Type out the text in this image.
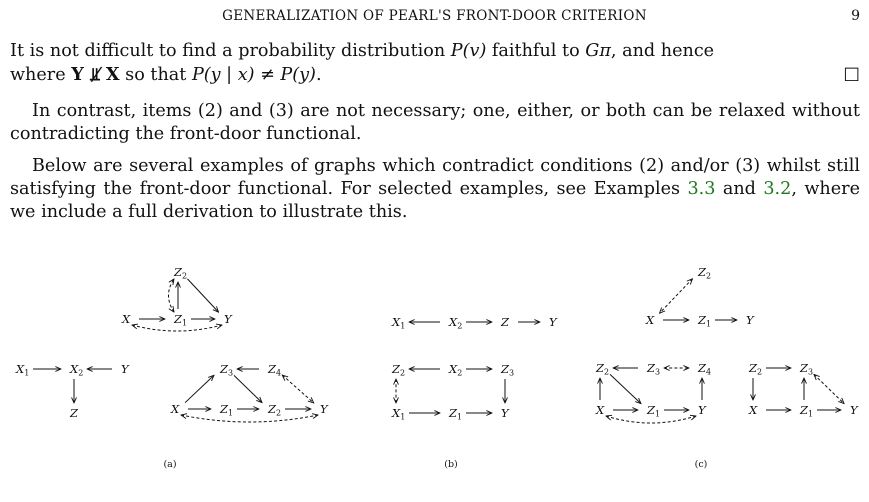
GENERALIZATION OF PEARL'S FRONT-DOOR CRITERION	9
It is not difficult to find a probability distribution P(v) faithful to Gπ, and hence
where Y ⫫̸ X so that P(y | x) ≠ P(y).	□
In contrast, items (2) and (3) are not necessary; one, either, or both can be relaxed without contradicting the front-door functional.
Below are several examples of graphs which contradict conditions (2) and/or (3) whilst still satisfying the front-door functional. For selected examples, see Examples 3.3 and 3.2, where we include a full derivation to illustrate this.
X	$Z_1$
$Z_2$
Y
$X_1$	$X_2$	Y
Z	X	$Z_1$	$Z_2$	Y
$Z_3$	$Z_4$
$X_1$	$X_2$	Z	Y
$Z_2$	$X_2$	$Z_3$
$X_1$	$Z_1$	Y
$Z_2$
X	$Z_1$	Y
$Z_2$	$Z_3$	$Z_4$
X	$Z_1$	Y
$Z_2$	$Z_3$
X	$Z_1$	Y
(a)	(b)	(c)
